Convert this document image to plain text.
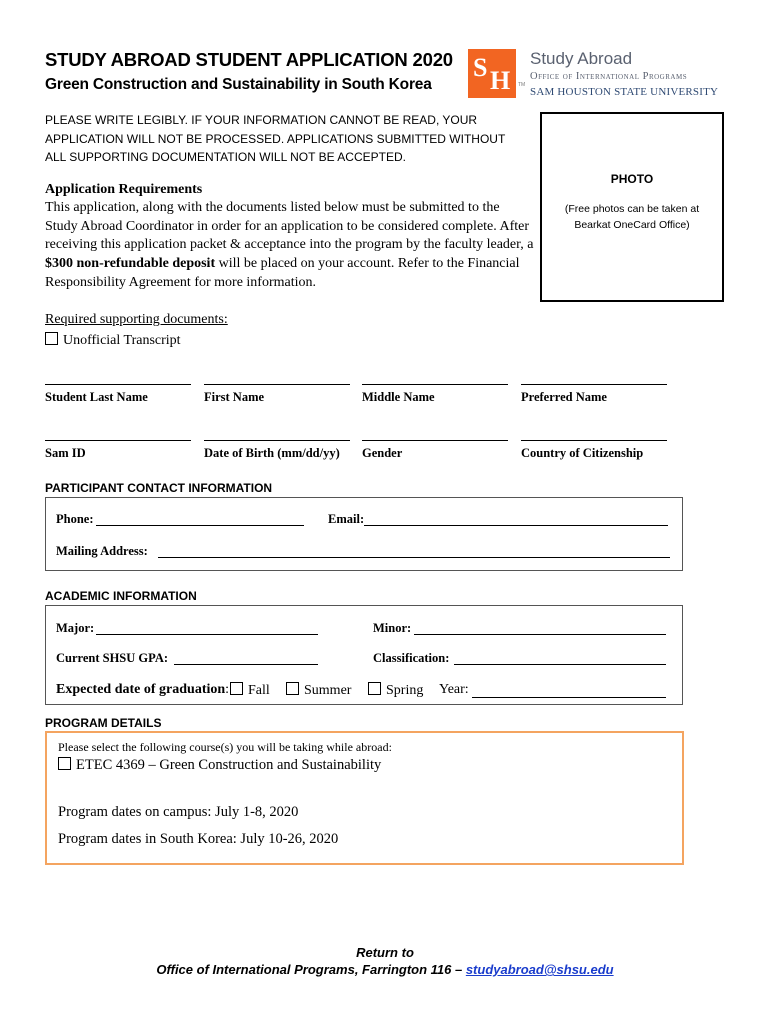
STUDY ABROAD STUDENT APPLICATION 2020
Green Construction and Sustainability in South Korea
S H TM
Study Abroad
Office of International Programs
SAM HOUSTON STATE UNIVERSITY
PLEASE WRITE LEGIBLY. IF YOUR INFORMATION CANNOT BE READ, YOUR APPLICATION WILL NOT BE PROCESSED. APPLICATIONS SUBMITTED WITHOUT ALL SUPPORTING DOCUMENTATION WILL NOT BE ACCEPTED.
PHOTO
(Free photos can be taken at Bearkat OneCard Office)
Application Requirements
This application, along with the documents listed below must be submitted to the Study Abroad Coordinator in order for an application to be considered complete. After receiving this application packet & acceptance into the program by the faculty leader, a $300 non-refundable deposit will be placed on your account. Refer to the Financial Responsibility Agreement for more information.
Required supporting documents:
Unofficial Transcript
Student Last Name	First Name	Middle Name	Preferred Name
Sam ID	Date of Birth (mm/dd/yy) Gender	Country of Citizenship
PARTICIPANT CONTACT INFORMATION
Phone:	Email:
Mailing Address:
ACADEMIC INFORMATION
Major:	Minor:
Current SHSU GPA:	Classification:
Expected date of graduation:	Fall	Summer	Spring Year:
PROGRAM DETAILS
Please select the following course(s) you will be taking while abroad:
ETEC 4369 – Green Construction and Sustainability
Program dates on campus: July 1-8, 2020
Program dates in South Korea: July 10-26, 2020
Return to
Office of International Programs, Farrington 116 – studyabroad@shsu.edu
